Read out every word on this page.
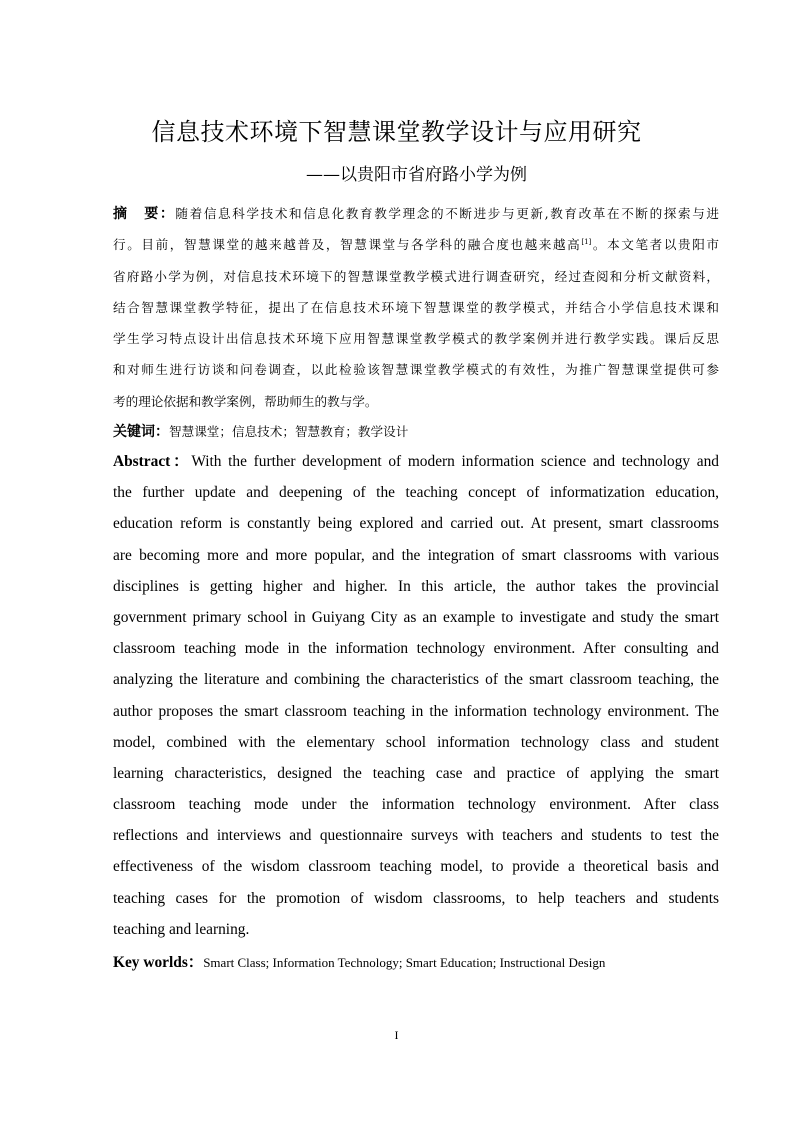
信息技术环境下智慧课堂教学设计与应用研究
——以贵阳市省府路小学为例
摘　要：随着信息科学技术和信息化教育教学理念的不断进步与更新,教育改革在不断的探索与进
行。目前，智慧课堂的越来越普及，智慧课堂与各学科的融合度也越来越高[1]。本文笔者以贵阳市
省府路小学为例，对信息技术环境下的智慧课堂教学模式进行调查研究，经过查阅和分析文献资料，
结合智慧课堂教学特征，提出了在信息技术环境下智慧课堂的教学模式，并结合小学信息技术课和
学生学习特点设计出信息技术环境下应用智慧课堂教学模式的教学案例并进行教学实践。课后反思
和对师生进行访谈和问卷调查，以此检验该智慧课堂教学模式的有效性，为推广智慧课堂提供可参
考的理论依据和教学案例，帮助师生的教与学。
关键词：智慧课堂；信息技术；智慧教育；教学设计
Abstract：With the further development of modern information science and technology and
the further update and deepening of the teaching concept of informatization education,
education reform is constantly being explored and carried out. At present, smart classrooms
are becoming more and more popular, and the integration of smart classrooms with various
disciplines is getting higher and higher. In this article, the author takes the provincial
government primary school in Guiyang City as an example to investigate and study the smart
classroom teaching mode in the information technology environment. After consulting and
analyzing the literature and combining the characteristics of the smart classroom teaching, the
author proposes the smart classroom teaching in the information technology environment. The
model, combined with the elementary school information technology class and student
learning characteristics, designed the teaching case and practice of applying the smart
classroom teaching mode under the information technology environment. After class
reflections and interviews and questionnaire surveys with teachers and students to test the
effectiveness of the wisdom classroom teaching model, to provide a theoretical basis and
teaching cases for the promotion of wisdom classrooms, to help teachers and students
teaching and learning.
Key worlds：Smart Class; Information Technology; Smart Education; Instructional Design
I
